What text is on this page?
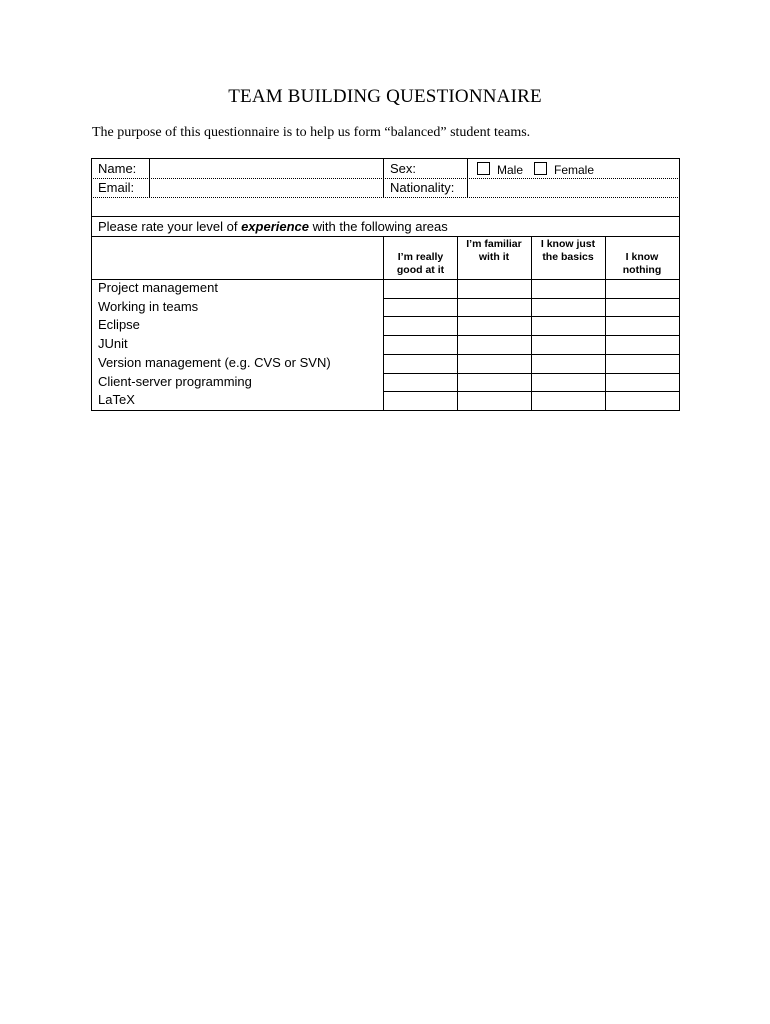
TEAM BUILDING QUESTIONNAIRE
The purpose of this questionnaire is to help us form “balanced” student teams.
Name:
Email:
Sex:
Nationality:
Male	Female
Please rate your level of experience with the following areas
I’m really good at it
I’m familiar with it
I know just the basics	I know nothing
Project management
Working in teams
Eclipse
JUnit
Version management (e.g. CVS or SVN)
Client-server programming
LaTeX
